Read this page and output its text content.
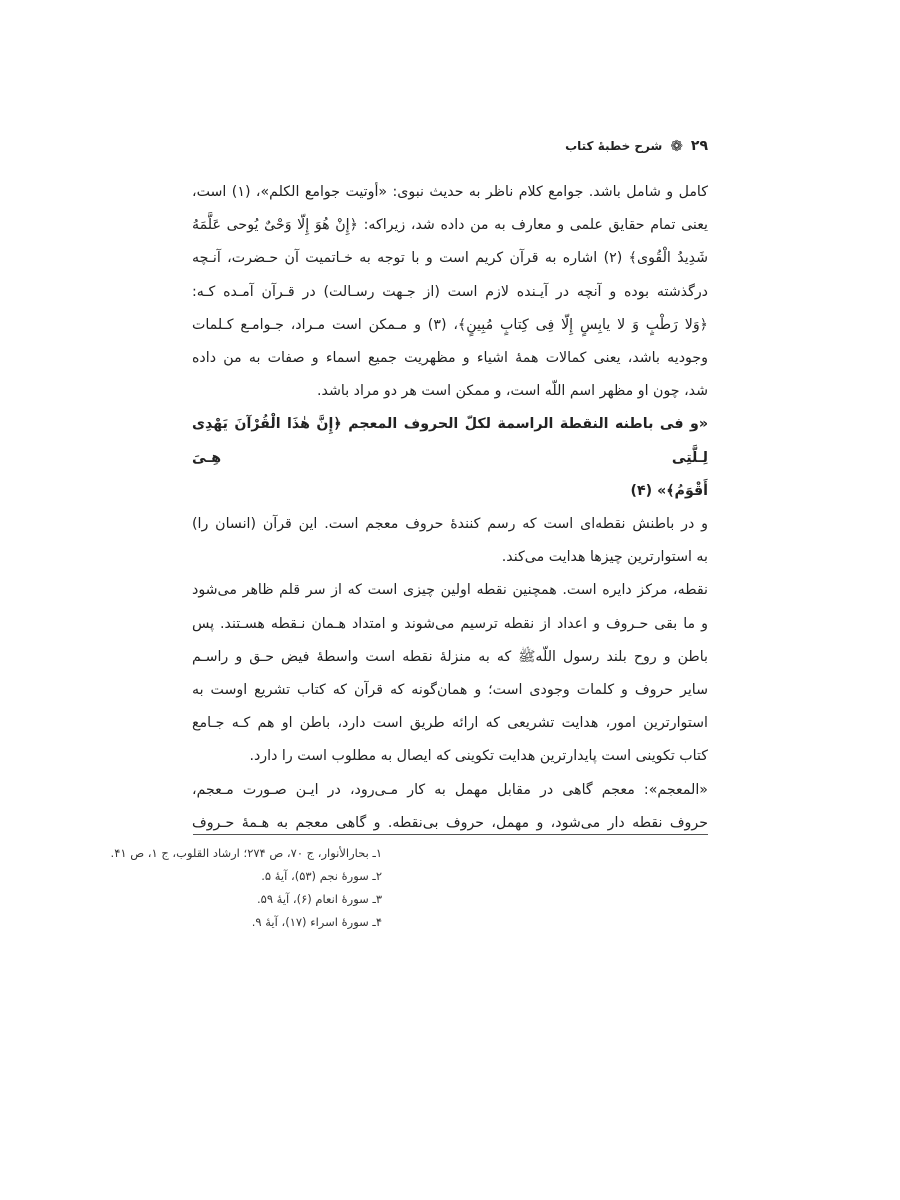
۲۹
❁
شرح خطبهٔ کتاب

کامل و شامل باشد. جوامع کلام ناظر به حدیث نبوی: «أوتیت جوامع الکلم»، (۱) است،
یعنی تمام حقایق علمی و معارف به من داده شد، زیراکه: ﴿إِنْ هُوَ إِلّا وَحْیٌ یُوحی عَلَّمَهُ
شَدِیدُ الْقُوی﴾ (۲) اشاره به قرآن کریم است و با توجه به خـاتمیت آن حـضرت، آنـچه
درگذشته بوده و آنچه در آیـنده لازم است (از جـهت رسـالت) در قـرآن آمـده کـه:
﴿وَلا رَطْبٍ وَ لا یابِسٍ إِلّا فِی کِتابٍ مُبِینٍ﴾، (۳) و مـمکن است مـراد، جـوامـع کـلمات
وجودیه باشد، یعنی کمالات همهٔ اشیاء و مظهریت جمیع اسماء و صفات به من داده
شد، چون او مظهر اسم اللّه است، و ممکن است هر دو مراد باشد.

«و فی باطنه النقطة الراسمة لکلّ الحروف المعجم ﴿إِنَّ هٰذَا الْقُرْآنَ یَهْدِی لِـلَّتِی هِـیَ
أَقْوَمُ﴾» (۴)

و در باطنش نقطه‌ای است که رسم کنندهٔ حروف معجم است. این قرآن (انسان را)
به استوارترین چیزها هدایت می‌کند.

نقطه، مرکز دایره است. همچنین نقطه اولین چیزی است که از سر قلم ظاهر می‌شود
و ما بقی حـروف و اعداد از نقطه ترسیم می‌شوند و امتداد هـمان نـقطه هسـتند. پس
باطن و روح بلند رسول اللّهﷺ که به منزلهٔ نقطه است واسطهٔ فیض حـق و راسـم
سایر حروف و کلمات وجودی است؛ و همان‌گونه که قرآن که کتاب تشریع اوست به
استوارترین امور، هدایت تشریعی که ارائه طریق است دارد، باطن او هم کـه جـامع
کتاب تکوینی است پایدارترین هدایت تکوینی که ایصال به مطلوب است را دارد.

«المعجم»: معجم گاهی در مقابل مهمل به کار مـی‌رود، در ایـن صـورت مـعجم،
حروف نقطه دار می‌شود، و مهمل، حروف بی‌نقطه. و گاهی معجم به هـمهٔ حـروف

۱ـ بحارالأنوار، ج ۷۰، ص ۲۷۴؛ ارشاد القلوب، ج ۱، ص ۴۱.
۲ـ سورهٔ نجم (۵۳)، آیهٔ ۵.
۳ـ سورهٔ انعام (۶)، آیهٔ ۵۹.
۴ـ سورهٔ اسراء (۱۷)، آیهٔ ۹.
